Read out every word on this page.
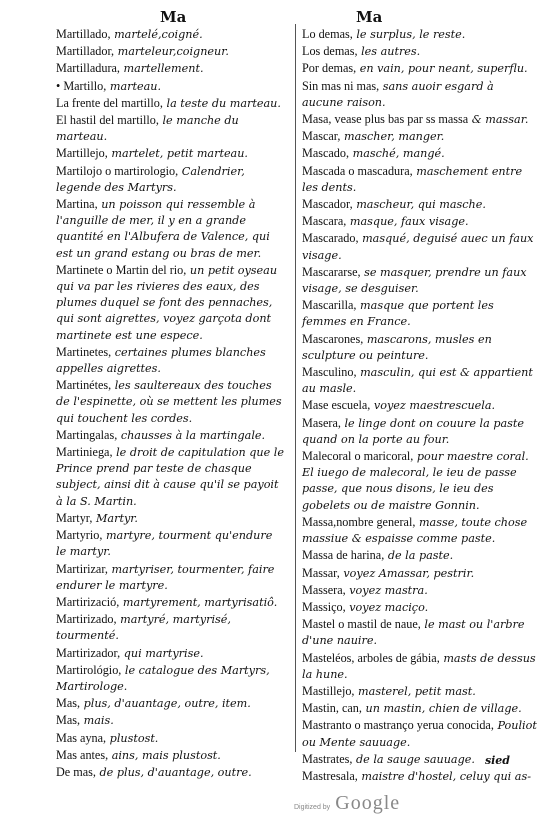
Ma	Ma

Martillado, martelé,coigné.

Martillador, marteleur,coigneur.

Martilladura, martellement.

• Martillo, marteau.

La frente del martillo, la teste du marteau.

El hastil del martillo, le manche du marteau.

Martillejo, martelet, petit marteau.

Martilojo o martirologio, Calendrier, legende des Martyrs.

Martina, un poisson qui ressemble à l'anguille de mer, il y en a grande quantité en l'Albufera de Valence, qui est un grand estang ou bras de mer.

Martinete o Martin del rio, un petit oyseau qui va par les rivieres des eaux, des plumes duquel se font des pennaches, qui sont aigrettes, voyez garçota dont martinete est une espece.

Martinetes, certaines plumes blanches appelles aigrettes.

Martinétes, les saultereaux des touches de l'espinette, où se mettent les plumes qui touchent les cordes.

Martingalas, chausses à la martingale.

Martiniega, le droit de capitulation que le Prince prend par teste de chasque subject, ainsi dit à cause qu'il se payoit à la S. Martin.

Martyr, Martyr.

Martyrio, martyre, tourment qu'endure le martyr.

Martirizar, martyriser, tourmenter, faire endurer le martyre.

Martirizació, martyrement, martyrisatiô.

Martirizado, martyré, martyrisé, tourmenté.

Martirizador, qui martyrise.

Martirológio, le catalogue des Martyrs, Martirologe.

Mas, plus, d'auantage, outre, item.

Mas, mais.

Mas ayna, plustost.

Mas antes, ains, mais plustost.

De mas, de plus, d'auantage, outre.

Lo demas, le surplus, le reste.

Los demas, les autres.

Por demas, en vain, pour neant, superflu.

Sin mas ni mas, sans auoir esgard à aucune raison.

Masa, vease plus bas par ss massa & massar.

Mascar, mascher, manger.

Mascado, masché, mangé.

Mascada o mascadura, maschement entre les dents.

Mascador, mascheur, qui masche.

Mascara, masque, faux visage.

Mascarado, masqué, deguisé auec un faux visage.

Mascararse, se masquer, prendre un faux visage, se desguiser.

Mascarilla, masque que portent les femmes en France.

Mascarones, mascarons, musles en sculpture ou peinture.

Masculino, masculin, qui est & appartient au masle.

Mase escuela, voyez maestrescuela.

Masera, le linge dont on couure la paste quand on la porte au four.

Malecoral o maricoral, pour maestre coral. El iuego de malecoral, le ieu de passe passe, que nous disons, le ieu des gobelets ou de maistre Gonnin.

Massa,nombre general, masse, toute chose massiue & espaisse comme paste.

Massa de harina, de la paste.

Massar, voyez Amassar, pestrir.

Massera, voyez mastra.

Massiço, voyez maciço.

Mastel o mastil de naue, le mast ou l'arbre d'une nauire.

Masteléos, arboles de gábia, masts de dessus la hune.

Mastillejo, masterel, petit mast.

Mastin, can, un mastin, chien de village.

Mastranto o mastranço yerua conocida, Pouliot ou Mente sauuage.

Mastrates, de la sauge sauuage.

Mastresala, maistre d'hostel, celuy qui as-

sied
Digitized by Google
